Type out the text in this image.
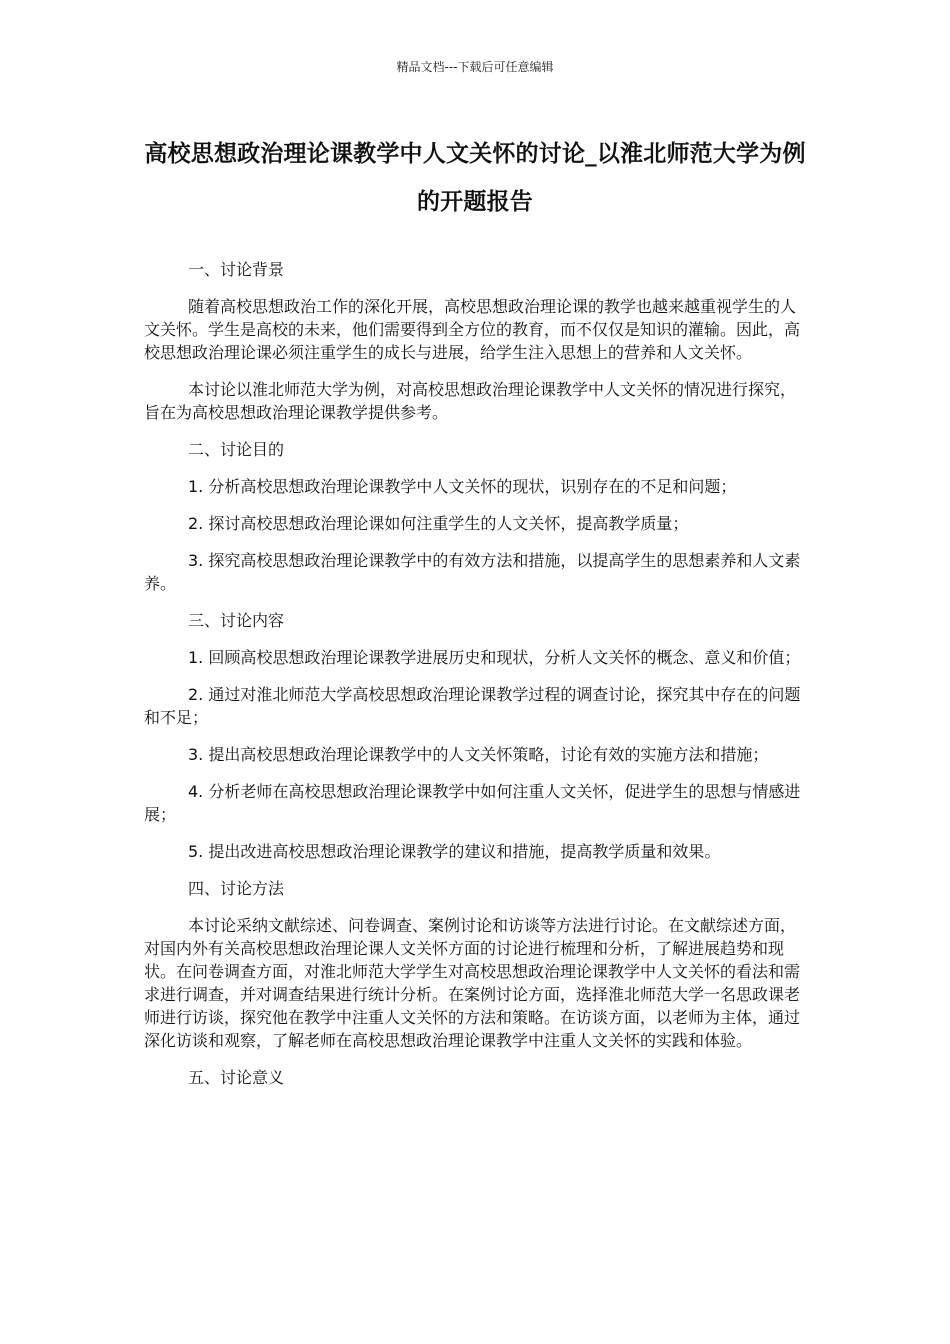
精品文档---下载后可任意编辑
高校思想政治理论课教学中人文关怀的讨论_以淮北师范大学为例的开题报告

一、讨论背景

随着高校思想政治工作的深化开展，高校思想政治理论课的教学也越来越重视学生的人文关怀。学生是高校的未来，他们需要得到全方位的教育，而不仅仅是知识的灌输。因此，高校思想政治理论课必须注重学生的成长与进展，给学生注入思想上的营养和人文关怀。

本讨论以淮北师范大学为例，对高校思想政治理论课教学中人文关怀的情况进行探究，旨在为高校思想政治理论课教学提供参考。

二、讨论目的

1. 分析高校思想政治理论课教学中人文关怀的现状，识别存在的不足和问题；

2. 探讨高校思想政治理论课如何注重学生的人文关怀，提高教学质量；

3. 探究高校思想政治理论课教学中的有效方法和措施，以提高学生的思想素养和人文素养。

三、讨论内容

1. 回顾高校思想政治理论课教学进展历史和现状，分析人文关怀的概念、意义和价值；

2. 通过对淮北师范大学高校思想政治理论课教学过程的调查讨论，探究其中存在的问题和不足；

3. 提出高校思想政治理论课教学中的人文关怀策略，讨论有效的实施方法和措施；

4. 分析老师在高校思想政治理论课教学中如何注重人文关怀，促进学生的思想与情感进展；

5. 提出改进高校思想政治理论课教学的建议和措施，提高教学质量和效果。

四、讨论方法

本讨论采纳文献综述、问卷调查、案例讨论和访谈等方法进行讨论。在文献综述方面，对国内外有关高校思想政治理论课人文关怀方面的讨论进行梳理和分析，了解进展趋势和现状。在问卷调查方面，对淮北师范大学学生对高校思想政治理论课教学中人文关怀的看法和需求进行调查，并对调查结果进行统计分析。在案例讨论方面，选择淮北师范大学一名思政课老师进行访谈，探究他在教学中注重人文关怀的方法和策略。在访谈方面，以老师为主体，通过深化访谈和观察，了解老师在高校思想政治理论课教学中注重人文关怀的实践和体验。

五、讨论意义
